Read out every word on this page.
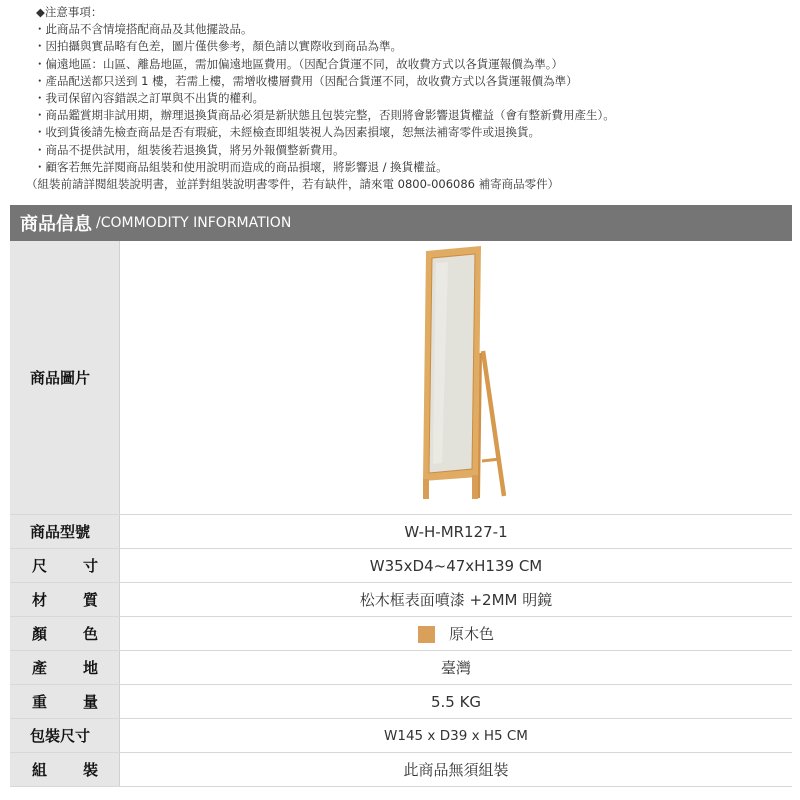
◆注意事項：
・此商品不含情境搭配商品及其他擺設品。
・因拍攝與實品略有色差，圖片僅供參考，顏色請以實際收到商品為準。
・偏遠地區：山區、離島地區，需加偏遠地區費用。（因配合貨運不同，故收費方式以各貨運報價為準。）
・產品配送都只送到 1 樓，若需上樓，需增收樓層費用（因配合貨運不同，故收費方式以各貨運報價為準）
・我司保留內容錯誤之訂單與不出貨的權利。
・商品鑑賞期非試用期，辦理退換貨商品必須是新狀態且包裝完整，否則將會影響退貨權益（會有整新費用產生）。
・收到貨後請先檢查商品是否有瑕疵，未經檢查即組裝視人為因素損壞，恕無法補寄零件或退換貨。
・商品不提供試用，組裝後若退換貨，將另外報價整新費用。
・顧客若無先詳閱商品組裝和使用說明而造成的商品損壞，將影響退 / 換貨權益。
（組裝前請詳閱組裝說明書，並詳對組裝說明書零件，若有缺件，請來電 0800-006086 補寄商品零件）
商品信息 /COMMODITY INFORMATION
商品圖片

商品型號	W-H-MR127-1

尺 寸	W35xD4~47xH139 CM

材 質	松木框表面噴漆 +2MM 明鏡

顏 色	原木色

產 地	臺灣

重 量	5.5 KG

包裝尺寸	W145 x D39 x H5 CM

組 裝	此商品無須組裝
